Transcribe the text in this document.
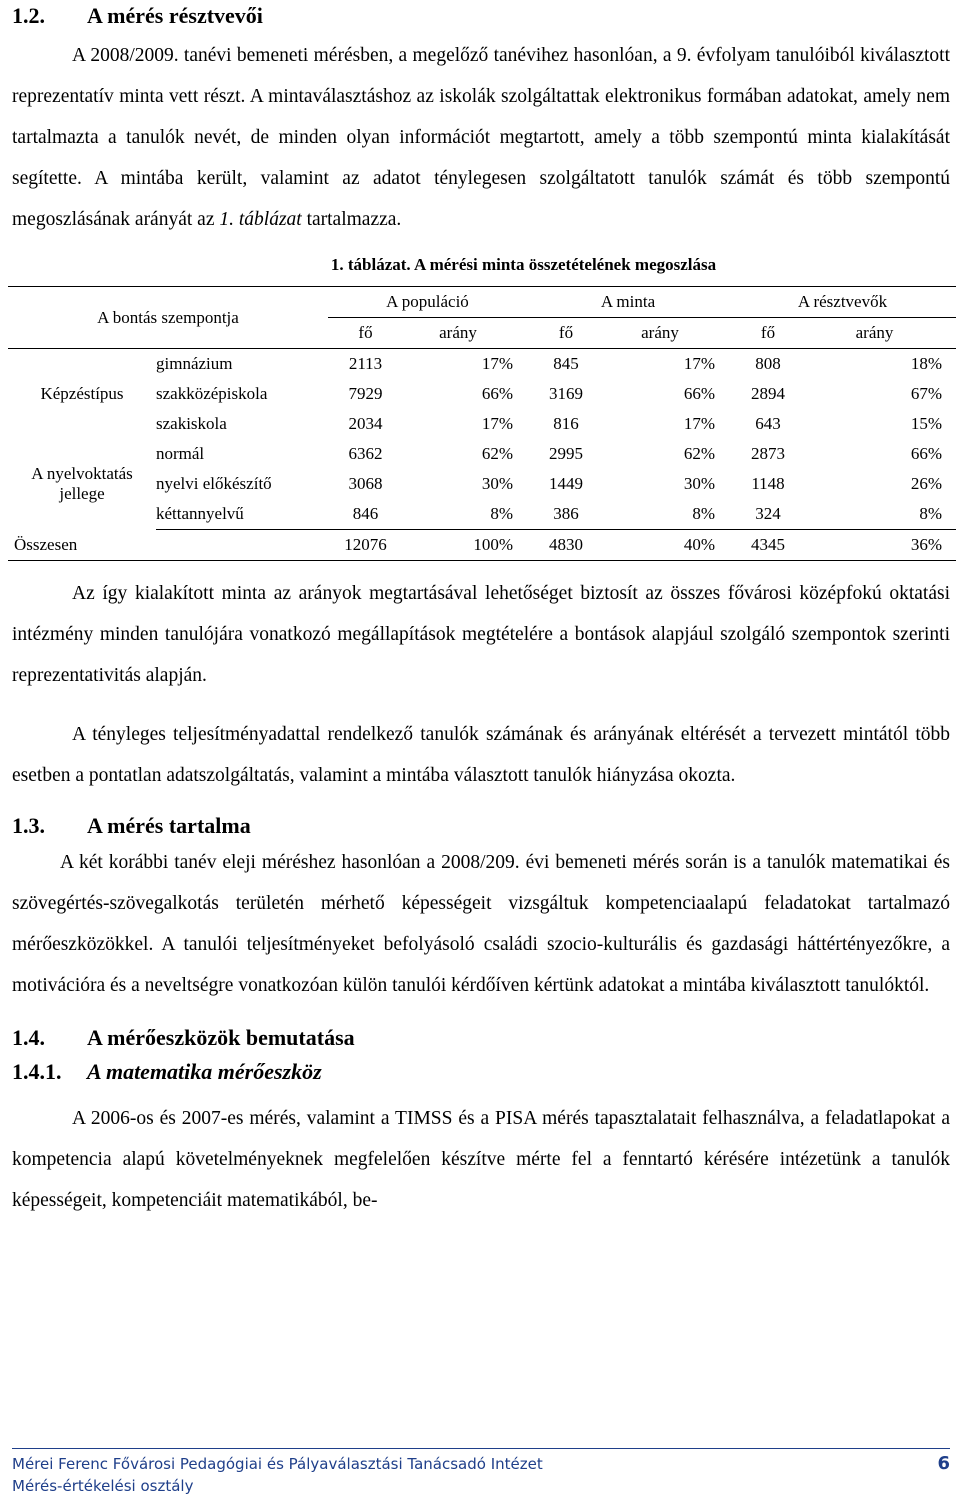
1.2.	A mérés résztvevői

A 2008/2009. tanévi bemeneti mérésben, a megelőző tanévihez hasonlóan, a 9. évfolyam tanulóiból kiválasztott reprezentatív minta vett részt. A mintaválasztáshoz az iskolák szolgáltattak elektronikus formában adatokat, amely nem tartalmazta a tanulók nevét, de minden olyan információt megtartott, amely a több szempontú minta kialakítását segítette. A mintába került, valamint az adatot ténylegesen szolgáltatott tanulók számát és több szempontú megoszlásának arányát az 1. táblázat tartalmazza.

1. táblázat. A mérési minta összetételének megoszlása
A bontás szempontja		A populáció		A minta		A résztvevők	
		fő	arány	fő	arány	fő	arány
Képzéstípus	gimnázium	2113	17%	845	17%	808	18%
	szakközépiskola	7929	66%	3169	66%	2894	67%
	szakiskola	2034	17%	816	17%	643	15%
A nyelvoktatás jellege	normál	6362	62%	2995	62%	2873	66%
	nyelvi előkészítő	3068	30%	1449	30%	1148	26%
	kéttannyelvű	846	8%	386	8%	324	8%
Összesen		12076	100%	4830	40%	4345	36%

Az így kialakított minta az arányok megtartásával lehetőséget biztosít az összes fővárosi középfokú oktatási intézmény minden tanulójára vonatkozó megállapítások megtételére a bontások alapjául szolgáló szempontok szerinti reprezentativitás alapján.

A tényleges teljesítményadattal rendelkező tanulók számának és arányának eltérését a tervezett mintától több esetben a pontatlan adatszolgáltatás, valamint a mintába választott tanulók hiányzása okozta.

1.3.	A mérés tartalma

A két korábbi tanév eleji méréshez hasonlóan a 2008/209. évi bemeneti mérés során is a tanulók matematikai és szövegértés-szövegalkotás területén mérhető képességeit vizsgáltuk kompetenciaalapú feladatokat tartalmazó mérőeszközökkel. A tanulói teljesítményeket befolyásoló családi szocio-kulturális és gazdasági háttértényezőkre, a motivációra és a neveltségre vonatkozóan külön tanulói kérdőíven kértünk adatokat a mintába kiválasztott tanulóktól.

1.4.	A mérőeszközök bemutatása
1.4.1.	A matematika mérőeszköz

A 2006-os és 2007-es mérés, valamint a TIMSS és a PISA mérés tapasztalatait felhasználva, a feladatlapokat a kompetencia alapú követelményeknek megfelelően készítve mérte fel a fenntartó kérésére intézetünk a tanulók képességeit, kompetenciáit matematikából, be-

Mérei Ferenc Fővárosi Pedagógiai és Pályaválasztási Tanácsadó Intézet
Mérés-értékelési osztály
6
